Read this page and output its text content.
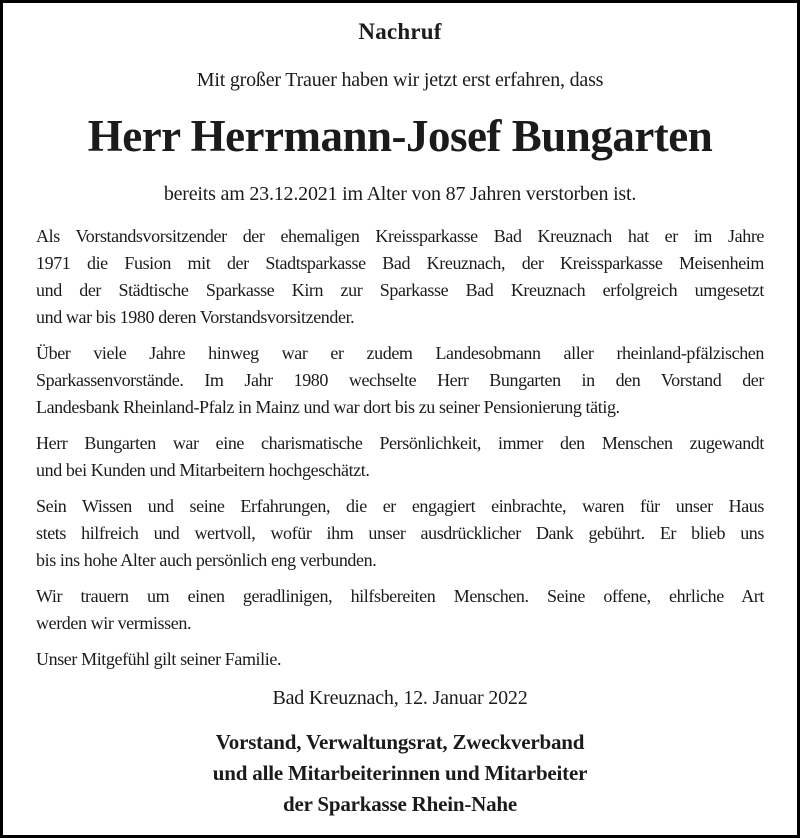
Nachruf
Mit großer Trauer haben wir jetzt erst erfahren, dass
Herr Herrmann-Josef Bungarten
bereits am 23.12.2021 im Alter von 87 Jahren verstorben ist.
Als Vorstandsvorsitzender der ehemaligen Kreissparkasse Bad Kreuznach hat er im Jahre
1971 die Fusion mit der Stadtsparkasse Bad Kreuznach, der Kreissparkasse Meisenheim
und der Städtische Sparkasse Kirn zur Sparkasse Bad Kreuznach erfolgreich umgesetzt
und war bis 1980 deren Vorstandsvorsitzender.
Über viele Jahre hinweg war er zudem Landesobmann aller rheinland-pfälzischen
Sparkassenvorstände. Im Jahr 1980 wechselte Herr Bungarten in den Vorstand der
Landesbank Rheinland-Pfalz in Mainz und war dort bis zu seiner Pensionierung tätig.
Herr Bungarten war eine charismatische Persönlichkeit, immer den Menschen zugewandt
und bei Kunden und Mitarbeitern hochgeschätzt.
Sein Wissen und seine Erfahrungen, die er engagiert einbrachte, waren für unser Haus
stets hilfreich und wertvoll, wofür ihm unser ausdrücklicher Dank gebührt. Er blieb uns
bis ins hohe Alter auch persönlich eng verbunden.
Wir trauern um einen geradlinigen, hilfsbereiten Menschen. Seine offene, ehrliche Art
werden wir vermissen.
Unser Mitgefühl gilt seiner Familie.
Bad Kreuznach, 12. Januar 2022
Vorstand, Verwaltungsrat, Zweckverband
und alle Mitarbeiterinnen und Mitarbeiter
der Sparkasse Rhein-Nahe
